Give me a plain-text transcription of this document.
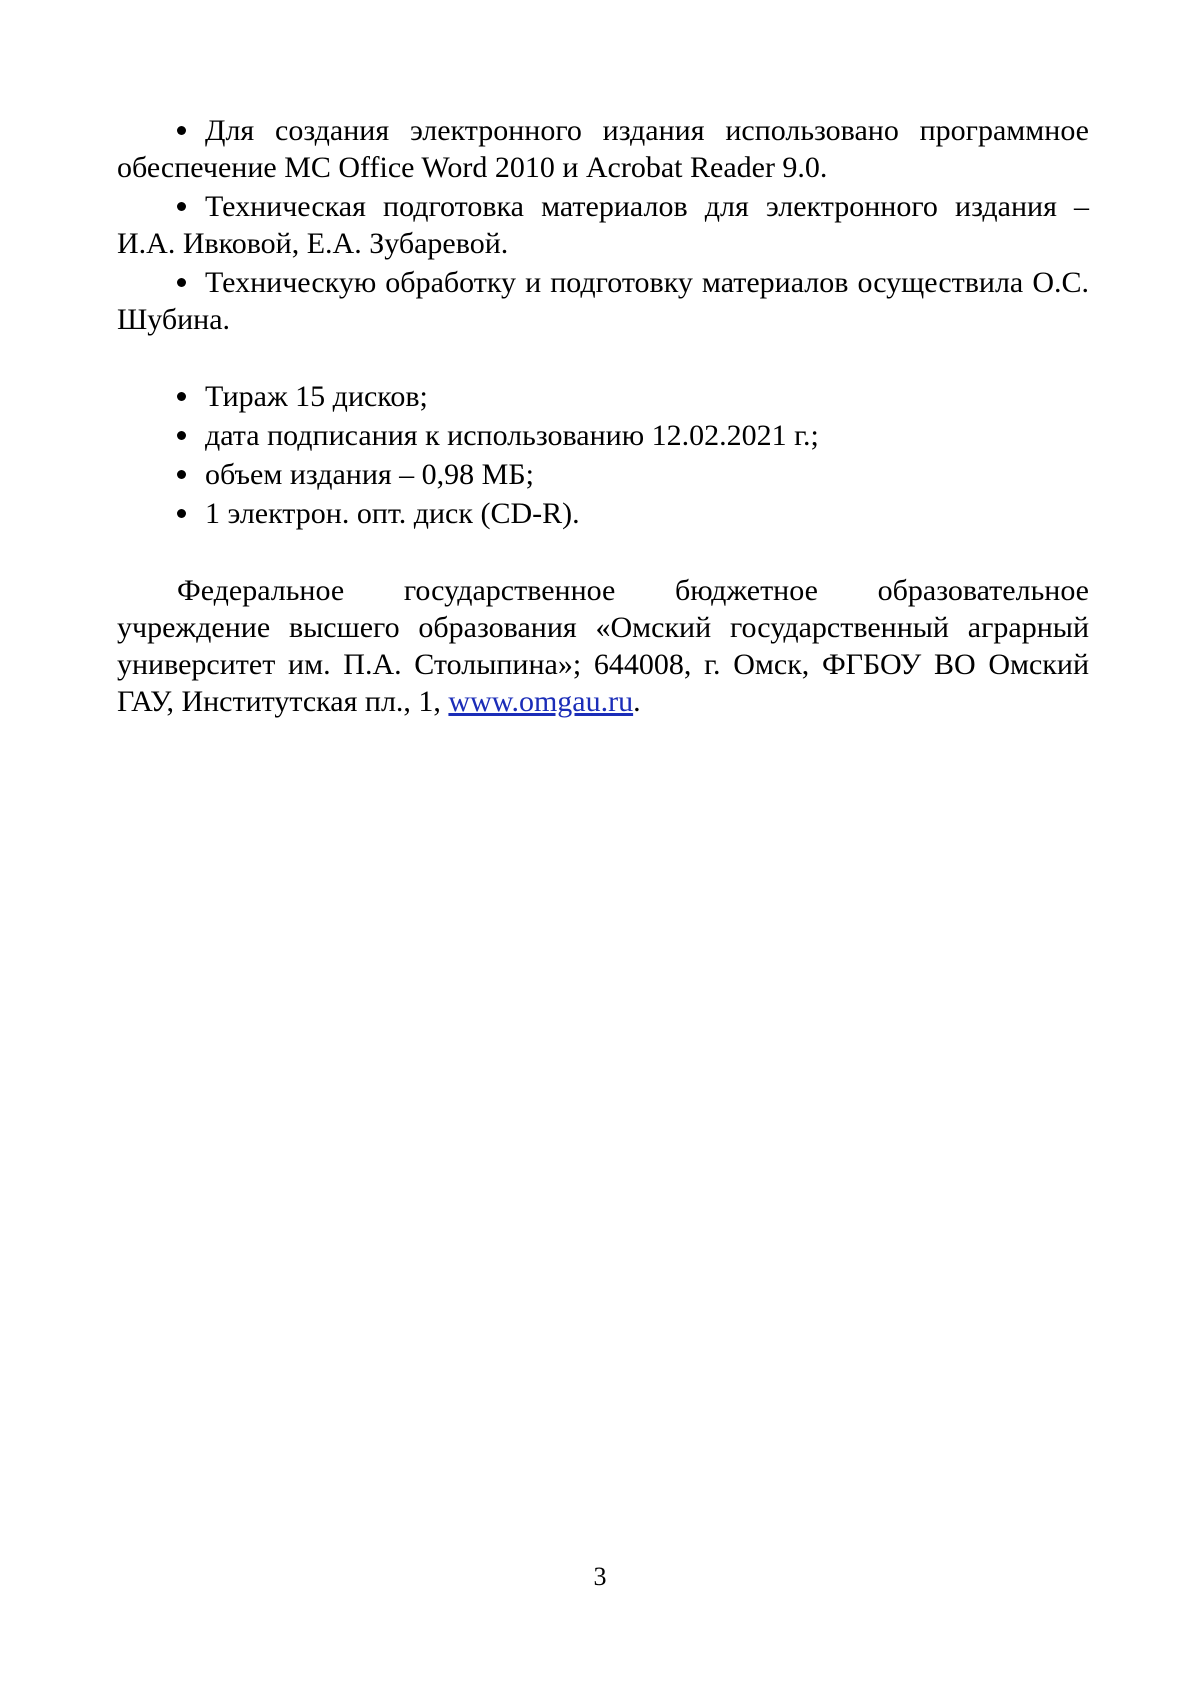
Для создания электронного издания использовано программное обеспечение MC Office Word 2010 и Acrobat Reader 9.0.

Техническая подготовка материалов для электронного издания – И.А. Ивковой, Е.А. Зубаревой.

Техническую обработку и подготовку материалов осуществила О.С. Шубина.

Тираж 15 дисков;
дата подписания к использованию 12.02.2021 г.;
объем издания – 0,98 МБ;
1 электрон. опт. диск (CD-R).

Федеральное государственное бюджетное образовательное учреждение высшего образования «Омский государственный аграрный университет им. П.А. Столыпина»; 644008, г. Омск, ФГБОУ ВО Омский ГАУ, Институтская пл., 1, www.omgau.ru.

3
